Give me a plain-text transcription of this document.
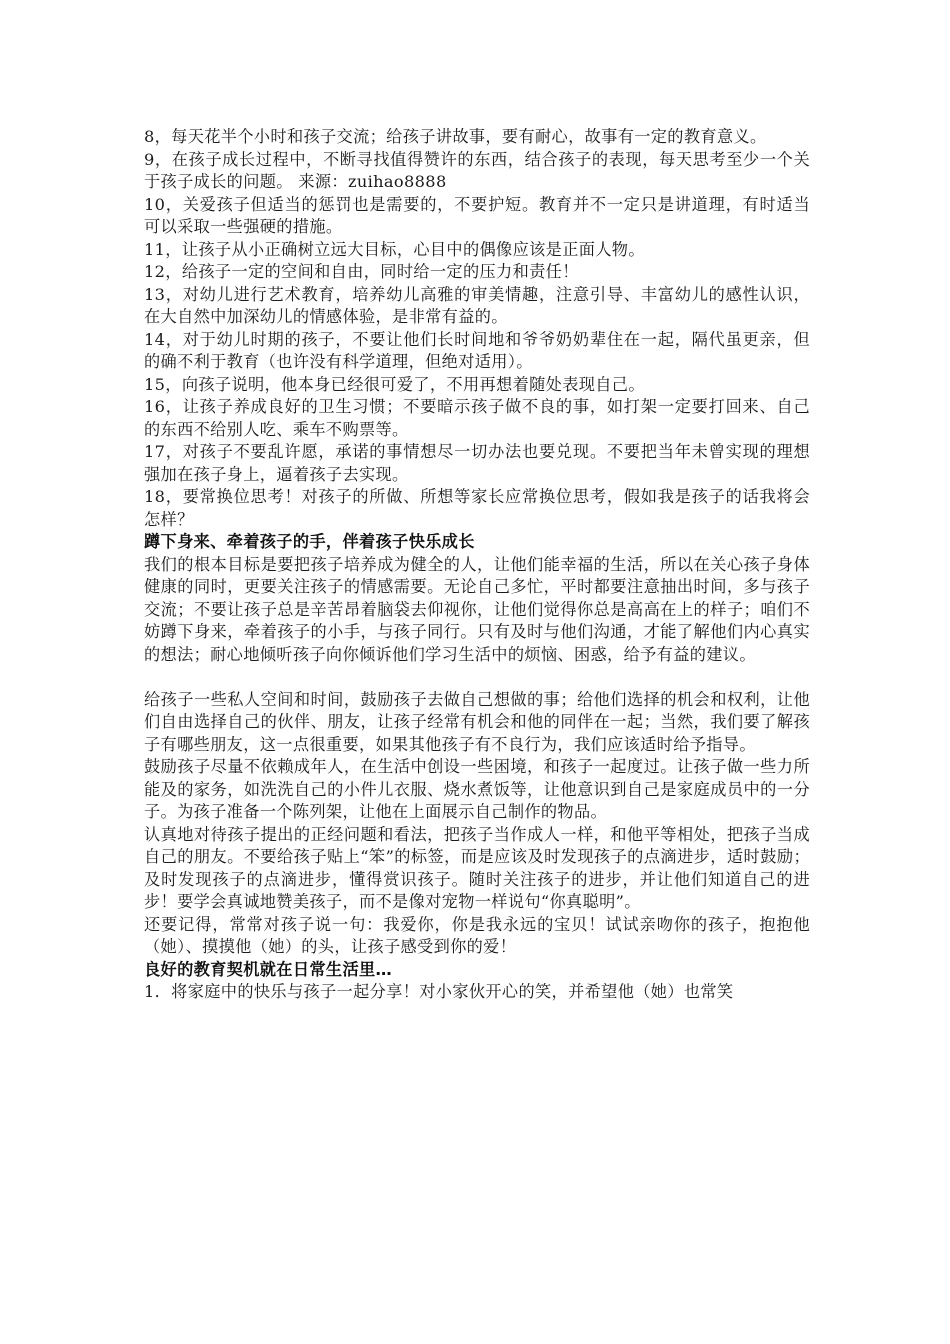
8，每天花半个小时和孩子交流；给孩子讲故事，要有耐心，故事有一定的教育意义。

9，在孩子成长过程中，不断寻找值得赞许的东西，结合孩子的表现，每天思考至少一个关于孩子成长的问题。 来源：zuihao8888

10，关爱孩子但适当的惩罚也是需要的，不要护短。教育并不一定只是讲道理，有时适当可以采取一些强硬的措施。

11，让孩子从小正确树立远大目标，心目中的偶像应该是正面人物。

12，给孩子一定的空间和自由，同时给一定的压力和责任！

13，对幼儿进行艺术教育，培养幼儿高雅的审美情趣，注意引导、丰富幼儿的感性认识，在大自然中加深幼儿的情感体验，是非常有益的。

14，对于幼儿时期的孩子，不要让他们长时间地和爷爷奶奶辈住在一起，隔代虽更亲，但的确不利于教育（也许没有科学道理，但绝对适用）。

15，向孩子说明，他本身已经很可爱了，不用再想着随处表现自己。

16，让孩子养成良好的卫生习惯；不要暗示孩子做不良的事，如打架一定要打回来、自己的东西不给别人吃、乘车不购票等。

17，对孩子不要乱许愿，承诺的事情想尽一切办法也要兑现。不要把当年未曾实现的理想强加在孩子身上，逼着孩子去实现。

18，要常换位思考！对孩子的所做、所想等家长应常换位思考，假如我是孩子的话我将会怎样？

蹲下身来、牵着孩子的手，伴着孩子快乐成长

我们的根本目标是要把孩子培养成为健全的人，让他们能幸福的生活，所以在关心孩子身体健康的同时，更要关注孩子的情感需要。无论自己多忙，平时都要注意抽出时间，多与孩子交流；不要让孩子总是辛苦昂着脑袋去仰视你，让他们觉得你总是高高在上的样子；咱们不妨蹲下身来，牵着孩子的小手，与孩子同行。只有及时与他们沟通，才能了解他们内心真实的想法；耐心地倾听孩子向你倾诉他们学习生活中的烦恼、困惑，给予有益的建议。

给孩子一些私人空间和时间，鼓励孩子去做自己想做的事；给他们选择的机会和权利，让他们自由选择自己的伙伴、朋友，让孩子经常有机会和他的同伴在一起；当然，我们要了解孩子有哪些朋友，这一点很重要，如果其他孩子有不良行为，我们应该适时给予指导。

鼓励孩子尽量不依赖成年人，在生活中创设一些困境，和孩子一起度过。让孩子做一些力所能及的家务，如洗洗自己的小件儿衣服、烧水煮饭等，让他意识到自己是家庭成员中的一分子。为孩子准备一个陈列架，让他在上面展示自己制作的物品。

认真地对待孩子提出的正经问题和看法，把孩子当作成人一样，和他平等相处，把孩子当成自己的朋友。不要给孩子贴上“笨”的标签，而是应该及时发现孩子的点滴进步，适时鼓励；及时发现孩子的点滴进步，懂得赏识孩子。随时关注孩子的进步，并让他们知道自己的进步！要学会真诚地赞美孩子，而不是像对宠物一样说句“你真聪明”。

还要记得，常常对孩子说一句：我爱你，你是我永远的宝贝！试试亲吻你的孩子，抱抱他（她）、摸摸他（她）的头，让孩子感受到你的爱！

良好的教育契机就在日常生活里…

1．将家庭中的快乐与孩子一起分享！对小家伙开心的笑，并希望他（她）也常笑
